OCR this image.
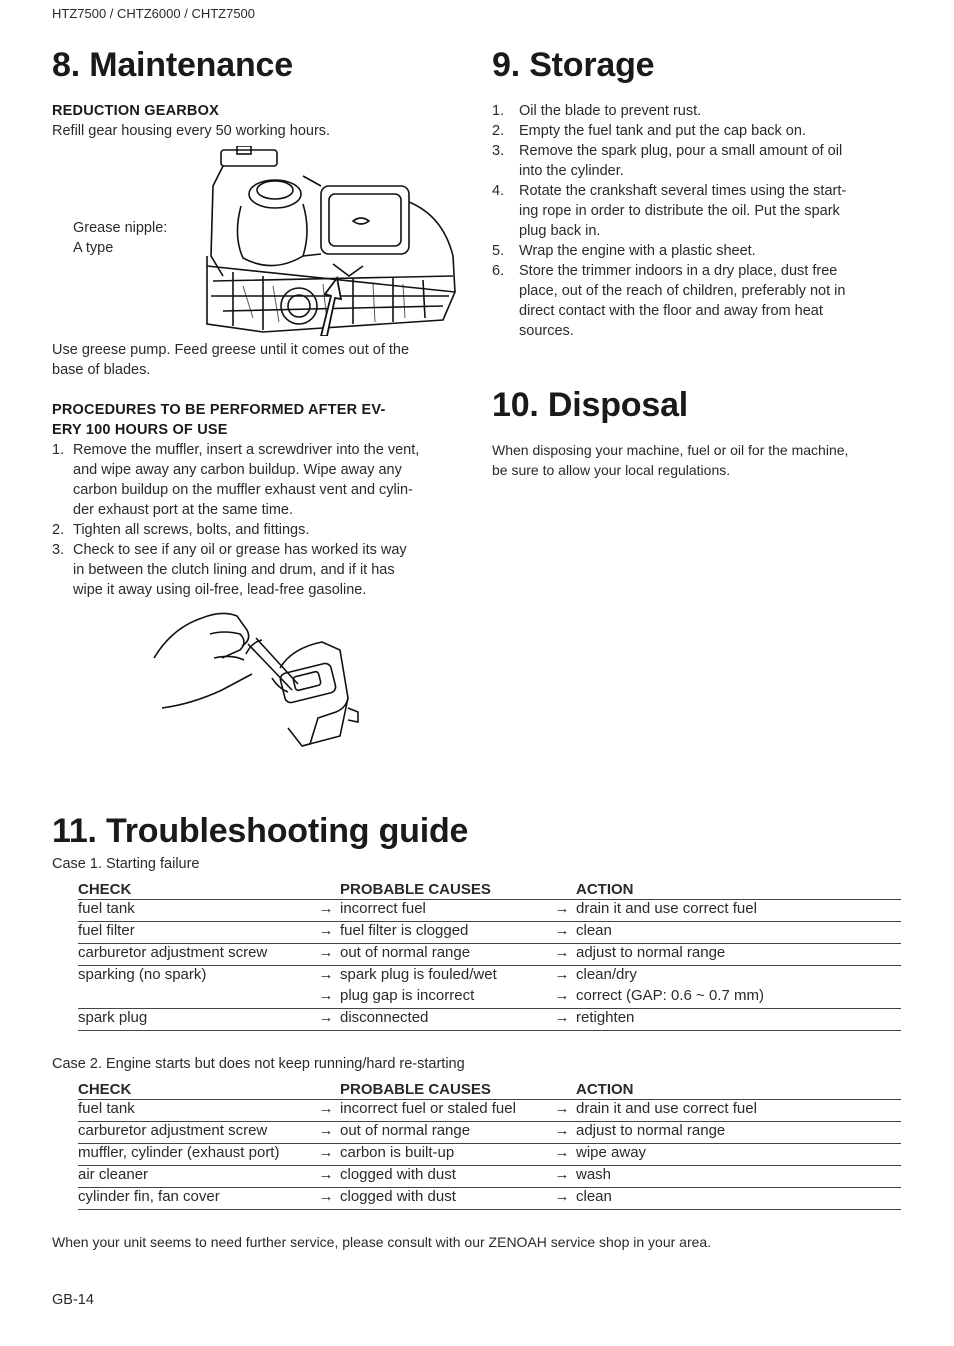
HTZ7500 / CHTZ6000 / CHTZ7500
8. Maintenance
REDUCTION GEARBOX
Refill gear housing every 50 working hours.
Grease nipple:
A type
Use greese pump. Feed greese until it comes out of the
base of blades.
PROCEDURES TO BE PERFORMED AFTER EV-
ERY 100 HOURS OF USE
1. Remove the muffler, insert a screwdriver into the vent,
and wipe away any carbon buildup. Wipe away any
carbon buildup on the muffler exhaust vent and cylin-
der exhaust port at the same time.
2. Tighten all screws, bolts, and fittings.
3. Check to see if any oil or grease has worked its way
in between the clutch lining and drum, and if it has
wipe it away using oil-free, lead-free gasoline.
9. Storage
1. Oil the blade to prevent rust.
2. Empty the fuel tank and put the cap back on.
3. Remove the spark plug, pour a small amount of oil
into the cylinder.
4. Rotate the crankshaft several times using the start-
ing rope in order to distribute the oil. Put the spark
plug back in.
5. Wrap the engine with a plastic sheet.
6. Store the trimmer indoors in a dry place, dust free
place, out of the reach of children, preferably not in
direct contact with the floor and away from heat
sources.
10. Disposal
When disposing your machine, fuel or oil for the machine,
be sure to allow your local regulations.
11. Troubleshooting guide
Case 1. Starting failure
CHECK		PROBABLE CAUSES		ACTION
fuel tank	→	incorrect fuel	→	drain it and use correct fuel
fuel filter	→	fuel filter is clogged	→	clean
carburetor adjustment screw	→	out of normal range	→	adjust to normal range
sparking (no spark)	→	spark plug is fouled/wet	→	clean/dry
	→	plug gap is incorrect	→	correct (GAP: 0.6 ~ 0.7 mm)
spark plug	→	disconnected	→	retighten
Case 2. Engine starts but does not keep running/hard re-starting
CHECK		PROBABLE CAUSES		ACTION
fuel tank	→	incorrect fuel or staled fuel	→	drain it and use correct fuel
carburetor adjustment screw	→	out of normal range	→	adjust to normal range
muffler, cylinder (exhaust port)	→	carbon is built-up	→	wipe away
air cleaner	→	clogged with dust	→	wash
cylinder fin, fan cover	→	clogged with dust	→	clean
When your unit seems to need further service, please consult with our ZENOAH service shop in your area.
GB-14
